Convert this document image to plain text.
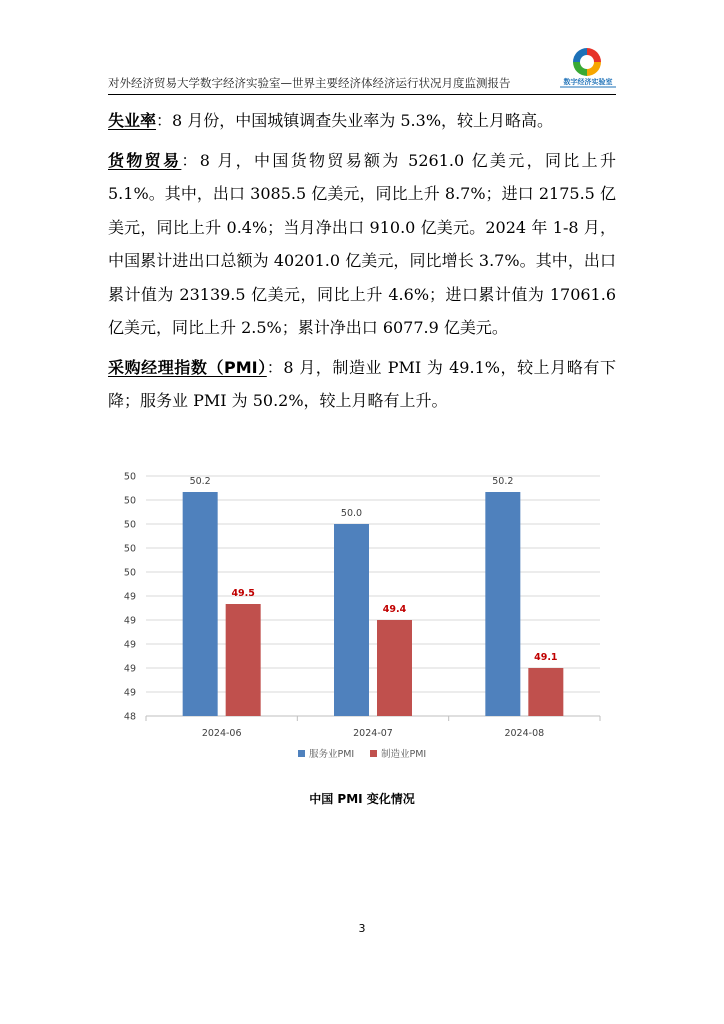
对外经济贸易大学数字经济实验室—世界主要经济体经济运行状况月度监测报告	数字经济实验室

失业率：8 月份，中国城镇调查失业率为 5.3%，较上月略高。

货物贸易：8 月，中国货物贸易额为 5261.0 亿美元，同比上升 5.1%。其中，出口 3085.5 亿美元，同比上升 8.7%；进口 2175.5 亿美元，同比上升 0.4%；当月净出口 910.0 亿美元。2024 年 1-8 月，中国累计进出口总额为 40201.0 亿美元，同比增长 3.7%。其中，出口累计值为 23139.5 亿美元，同比上升 4.6%；进口累计值为 17061.6 亿美元，同比上升 2.5%；累计净出口 6077.9 亿美元。

采购经理指数（PMI）：8 月，制造业 PMI 为 49.1%，较上月略有下降；服务业 PMI 为 50.2%，较上月略有上升。

48
49
49
49
49
49
50
50
50
50
50
2024-06
50.2
49.5
2024-07
50.0
49.4
2024-08
50.2
49.1
服务业PMI	制造业PMI
中国 PMI 变化情况
3
